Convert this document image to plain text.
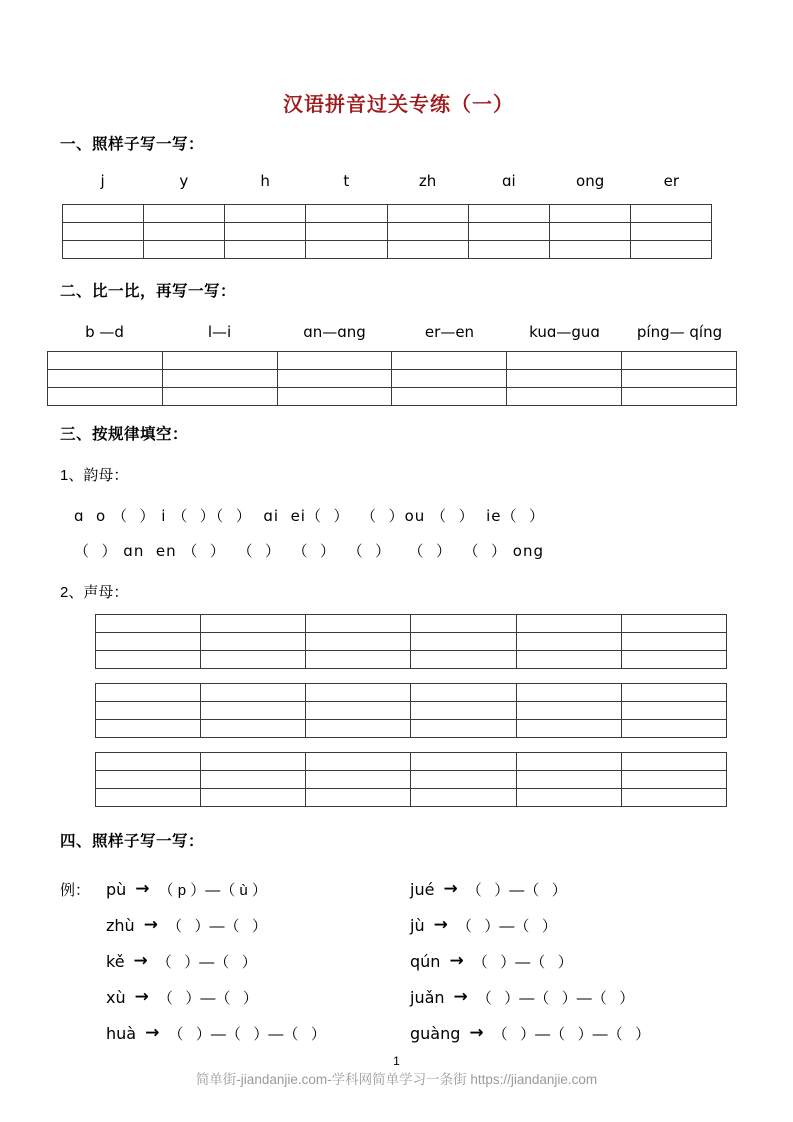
汉语拼音过关专练（一）
一、照样子写一写：
j	y	h	t	zh	ɑi	ong	er

二、比一比，再写一写：
b —d	l—i	ɑn—ɑng	er—en	kuɑ—guɑ	píng— qíng

三、按规律填空：
1、韵母：
ɑ  o （  ） i （  ）（  ）  ɑi  ei（  ）  （  ）ou （  ）  ie（  ）
（  ） ɑn  en （  ）  （  ）  （  ）  （  ）   （  ）  （  ） ong
2、声母：

四、照样子写一写：
例： pù → （ p ）—（ ù ）	jué → （   ）—（   ）
zhù → （   ）—（   ）	jù → （   ）—（   ）
kě → （   ）—（   ）	qún → （   ）—（   ）
xù → （   ）—（   ）	juǎn → （   ）—（   ）—（   ）
huà → （   ）—（   ）—（   ）	guàng → （   ）—（   ）—（   ）
1
简单街-jiandanjie.com-学科网简单学习一条街 https://jiandanjie.com
